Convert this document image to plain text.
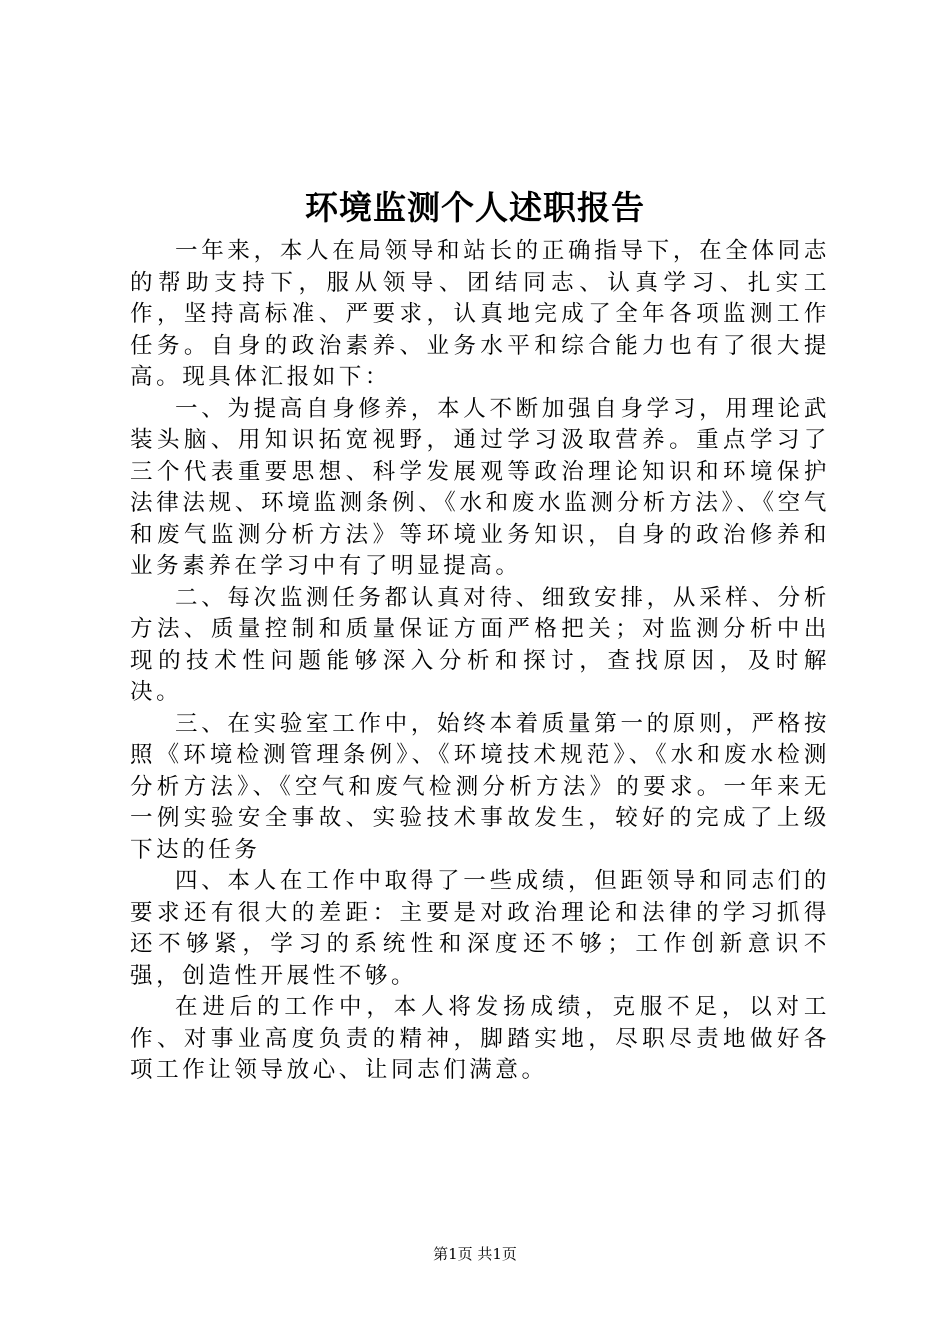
环境监测个人述职报告

一年来，本人在局领导和站长的正确指导下，在全体同志的帮助支持下，服从领导、团结同志、认真学习、扎实工作，坚持高标准、严要求，认真地完成了全年各项监测工作任务。自身的政治素养、业务水平和综合能力也有了很大提高。现具体汇报如下：

一、为提高自身修养，本人不断加强自身学习，用理论武装头脑、用知识拓宽视野，通过学习汲取营养。重点学习了三个代表重要思想、科学发展观等政治理论知识和环境保护法律法规、环境监测条例、《水和废水监测分析方法》、《空气和废气监测分析方法》等环境业务知识，自身的政治修养和业务素养在学习中有了明显提高。

二、每次监测任务都认真对待、细致安排，从采样、分析方法、质量控制和质量保证方面严格把关；对监测分析中出现的技术性问题能够深入分析和探讨，查找原因，及时解决。

三、在实验室工作中，始终本着质量第一的原则，严格按照《环境检测管理条例》、《环境技术规范》、《水和废水检测分析方法》、《空气和废气检测分析方法》的要求。一年来无一例实验安全事故、实验技术事故发生，较好的完成了上级下达的任务

四、本人在工作中取得了一些成绩，但距领导和同志们的要求还有很大的差距：主要是对政治理论和法律的学习抓得还不够紧，学习的系统性和深度还不够；工作创新意识不强，创造性开展性不够。

在进后的工作中，本人将发扬成绩，克服不足，以对工作、对事业高度负责的精神，脚踏实地，尽职尽责地做好各项工作让领导放心、让同志们满意。

第1页 共1页
